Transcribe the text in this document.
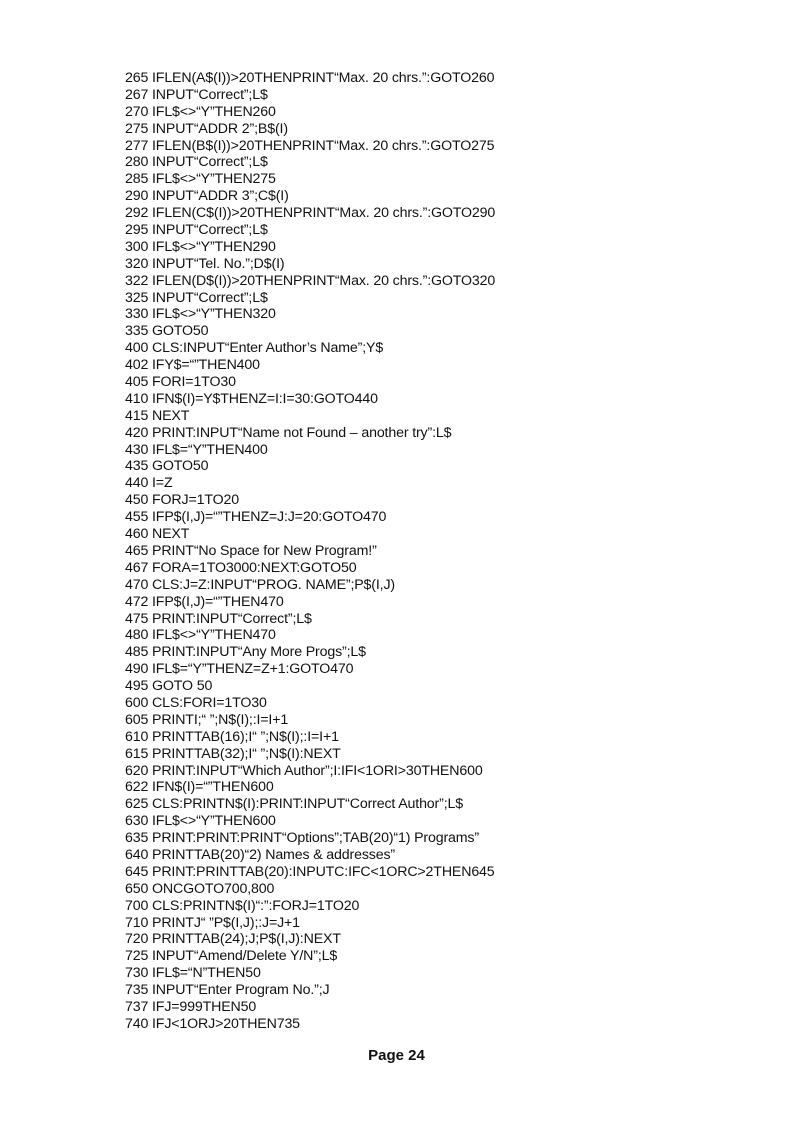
265 IFLEN(A$(I))>20THENPRINT“Max. 20 chrs.”:GOTO260
267 INPUT“Correct”;L$
270 IFL$<>“Y”THEN260
275 INPUT“ADDR 2”;B$(I)
277 IFLEN(B$(I))>20THENPRINT“Max. 20 chrs.”:GOTO275
280 INPUT“Correct”;L$
285 IFL$<>“Y”THEN275
290 INPUT“ADDR 3”;C$(I)
292 IFLEN(C$(I))>20THENPRINT“Max. 20 chrs.”:GOTO290
295 INPUT“Correct”;L$
300 IFL$<>“Y”THEN290
320 INPUT“Tel. No.”;D$(I)
322 IFLEN(D$(I))>20THENPRINT“Max. 20 chrs.”:GOTO320
325 INPUT“Correct”;L$
330 IFL$<>“Y”THEN320
335 GOTO50
400 CLS:INPUT“Enter Author’s Name”;Y$
402 IFY$=“”THEN400
405 FORI=1TO30
410 IFN$(I)=Y$THENZ=I:I=30:GOTO440
415 NEXT
420 PRINT:INPUT“Name not Found – another try”:L$
430 IFL$=“Y”THEN400
435 GOTO50
440 I=Z
450 FORJ=1TO20
455 IFP$(I,J)=“”THENZ=J:J=20:GOTO470
460 NEXT
465 PRINT“No Space for New Program!”
467 FORA=1TO3000:NEXT:GOTO50
470 CLS:J=Z:INPUT“PROG. NAME”;P$(I,J)
472 IFP$(I,J)=“”THEN470
475 PRINT:INPUT“Correct”;L$
480 IFL$<>“Y”THEN470
485 PRINT:INPUT“Any More Progs”;L$
490 IFL$=“Y”THENZ=Z+1:GOTO470
495 GOTO 50
600 CLS:FORI=1TO30
605 PRINTI;“ ”;N$(I);:I=I+1
610 PRINTTAB(16);I“ ”;N$(I);:I=I+1
615 PRINTTAB(32);I“ ”;N$(I):NEXT
620 PRINT:INPUT“Which Author”;I:IFI<1ORI>30THEN600
622 IFN$(I)=“”THEN600
625 CLS:PRINTN$(I):PRINT:INPUT“Correct Author”;L$
630 IFL$<>“Y”THEN600
635 PRINT:PRINT:PRINT“Options”;TAB(20)“1) Programs”
640 PRINTTAB(20)“2) Names & addresses”
645 PRINT:PRINTTAB(20):INPUTC:IFC<1ORC>2THEN645
650 ONCGOTO700,800
700 CLS:PRINTN$(I)“:”:FORJ=1TO20
710 PRINTJ“ ”P$(I,J);:J=J+1
720 PRINTTAB(24);J;P$(I,J):NEXT
725 INPUT“Amend/Delete Y/N”;L$
730 IFL$=“N”THEN50
735 INPUT“Enter Program No.”;J
737 IFJ=999THEN50
740 IFJ<1ORJ>20THEN735
Page 24
